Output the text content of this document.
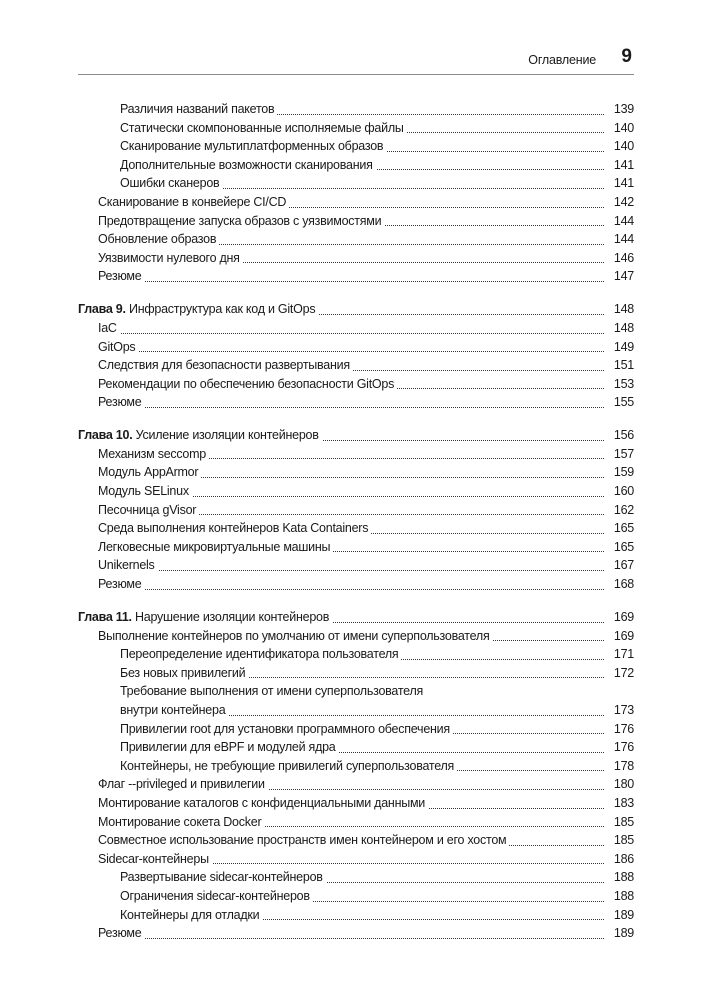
Оглавление 9
Различия названий пакетов	139
Статически скомпонованные исполняемые файлы	140
Сканирование мультиплатформенных образов	140
Дополнительные возможности сканирования	141
Ошибки сканеров	141
Сканирование в конвейере CI/CD	142
Предотвращение запуска образов с уязвимостями	144
Обновление образов	144
Уязвимости нулевого дня	146
Резюме	147
Глава 9. Инфраструктура как код и GitOps	148
IaC	148
GitOps	149
Следствия для безопасности развертывания	151
Рекомендации по обеспечению безопасности GitOps	153
Резюме	155
Глава 10. Усиление изоляции контейнеров	156
Механизм seccomp	157
Модуль AppArmor	159
Модуль SELinux	160
Песочница gVisor	162
Среда выполнения контейнеров Kata Containers	165
Легковесные микровиртуальные машины	165
Unikernels	167
Резюме	168
Глава 11. Нарушение изоляции контейнеров	169
Выполнение контейнеров по умолчанию от имени суперпользователя	169
Переопределение идентификатора пользователя	171
Без новых привилегий	172
Требование выполнения от имени суперпользователя
внутри контейнера	173
Привилегии root для установки программного обеспечения	176
Привилегии для eBPF и модулей ядра	176
Контейнеры, не требующие привилегий суперпользователя	178
Флаг --privileged и привилегии	180
Монтирование каталогов с конфиденциальными данными	183
Монтирование сокета Docker	185
Совместное использование пространств имен контейнером и его хостом	185
Sidecar-контейнеры	186
Развертывание sidecar-контейнеров	188
Ограничения sidecar-контейнеров	188
Контейнеры для отладки	189
Резюме	189
